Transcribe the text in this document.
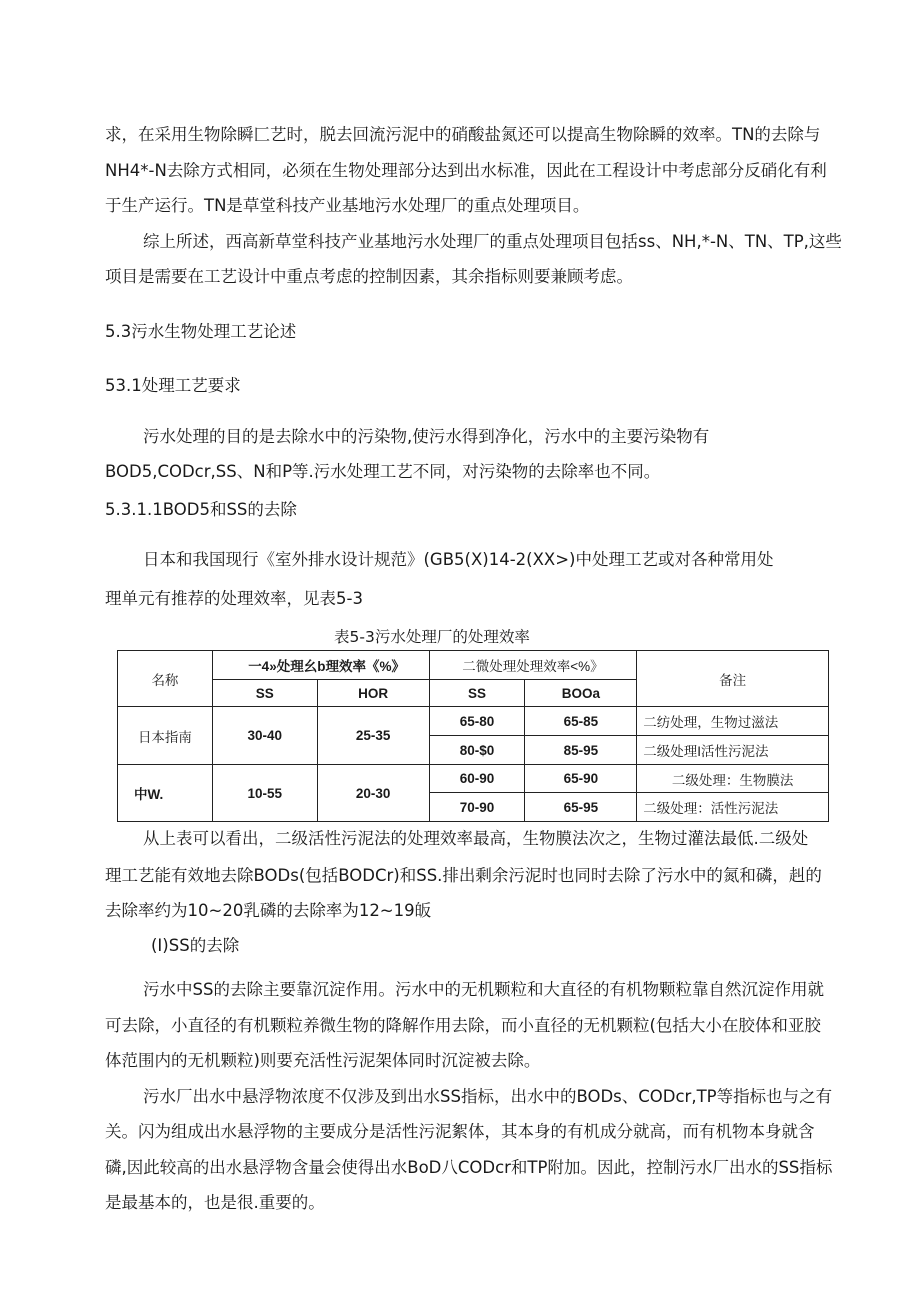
求，在采用生物除瞬匚艺时，脱去回流污泥中的硝酸盐氮还可以提高生物除瞬的效率。TN的去除与
NH4*-N去除方式相同，必须在生物处理部分达到出水标准，因此在工程设计中考虑部分反硝化有利
于生产运行。TN是草堂科技产业基地污水处理厂的重点处理项目。
综上所述，西高新草堂科技产业基地污水处理厂的重点处理项目包括ss、NH,*-N、TN、TP,这些
项目是需要在工艺设计中重点考虑的控制因素，其余指标则要兼顾考虑。
5.3污水生物处理工艺论述
53.1处理工艺要求
污水处理的目的是去除水中的污染物,使污水得到净化，污水中的主要污染物有
BOD5,CODcr,SS、N和P等.污水处理工艺不同，对污染物的去除率也不同。
5.3.1.1BOD5和SS的去除
日本和我国现行《室外排水设计规范》(GB5(X)14-2(XX>)中处理工艺或对各种常用处
理单元有推荐的处理效率，见表5-3
表5-3污水处理厂的处理效率
名称	一4»处理幺	b理效率《%》	二微处理处理效率<%》		备注
	SS	HOR	SS	BOOa	
日本指南	30-40	25-35	65-80	65-85	二纺处理，生物过滋法
			80-$0	85-95	二级处理I活性污泥法
中W.	10-55	20-30	60-90	65-90	二级处理：生物膜法
			70-90	65-95	二级处理：活性污泥法
从上表可以看出，二级活性污泥法的处理效率最高，生物膜法次之，生物过灌法最低.二级处
理工艺能有效地去除BODs(包括BODCr)和SS.排出剩余污泥时也同时去除了污水中的氮和磷，赳的
去除率约为10~20乳磷的去除率为12~19皈
(I)SS的去除
污水中SS的去除主要靠沉淀作用。污水中的无机颗粒和大直径的有机物颗粒靠自然沉淀作用就
可去除，小直径的有机颗粒养微生物的降解作用去除，而小直径的无机颗粒(包括大小在胶体和亚胶
体范围内的无机颗粒)则要充活性污泥架体同时沉淀被去除。
污水厂出水中悬浮物浓度不仅涉及到出水SS指标，出水中的BODs、CODcr,TP等指标也与之有
关。闪为组成出水悬浮物的主要成分是活性污泥絮体，其本身的有机成分就高，而有机物本身就含
磷,因此较高的出水悬浮物含量会使得出水BoD八CODcr和TP附加。因此，控制污水厂出水的SS指标
是最基本的，也是很.重要的。
